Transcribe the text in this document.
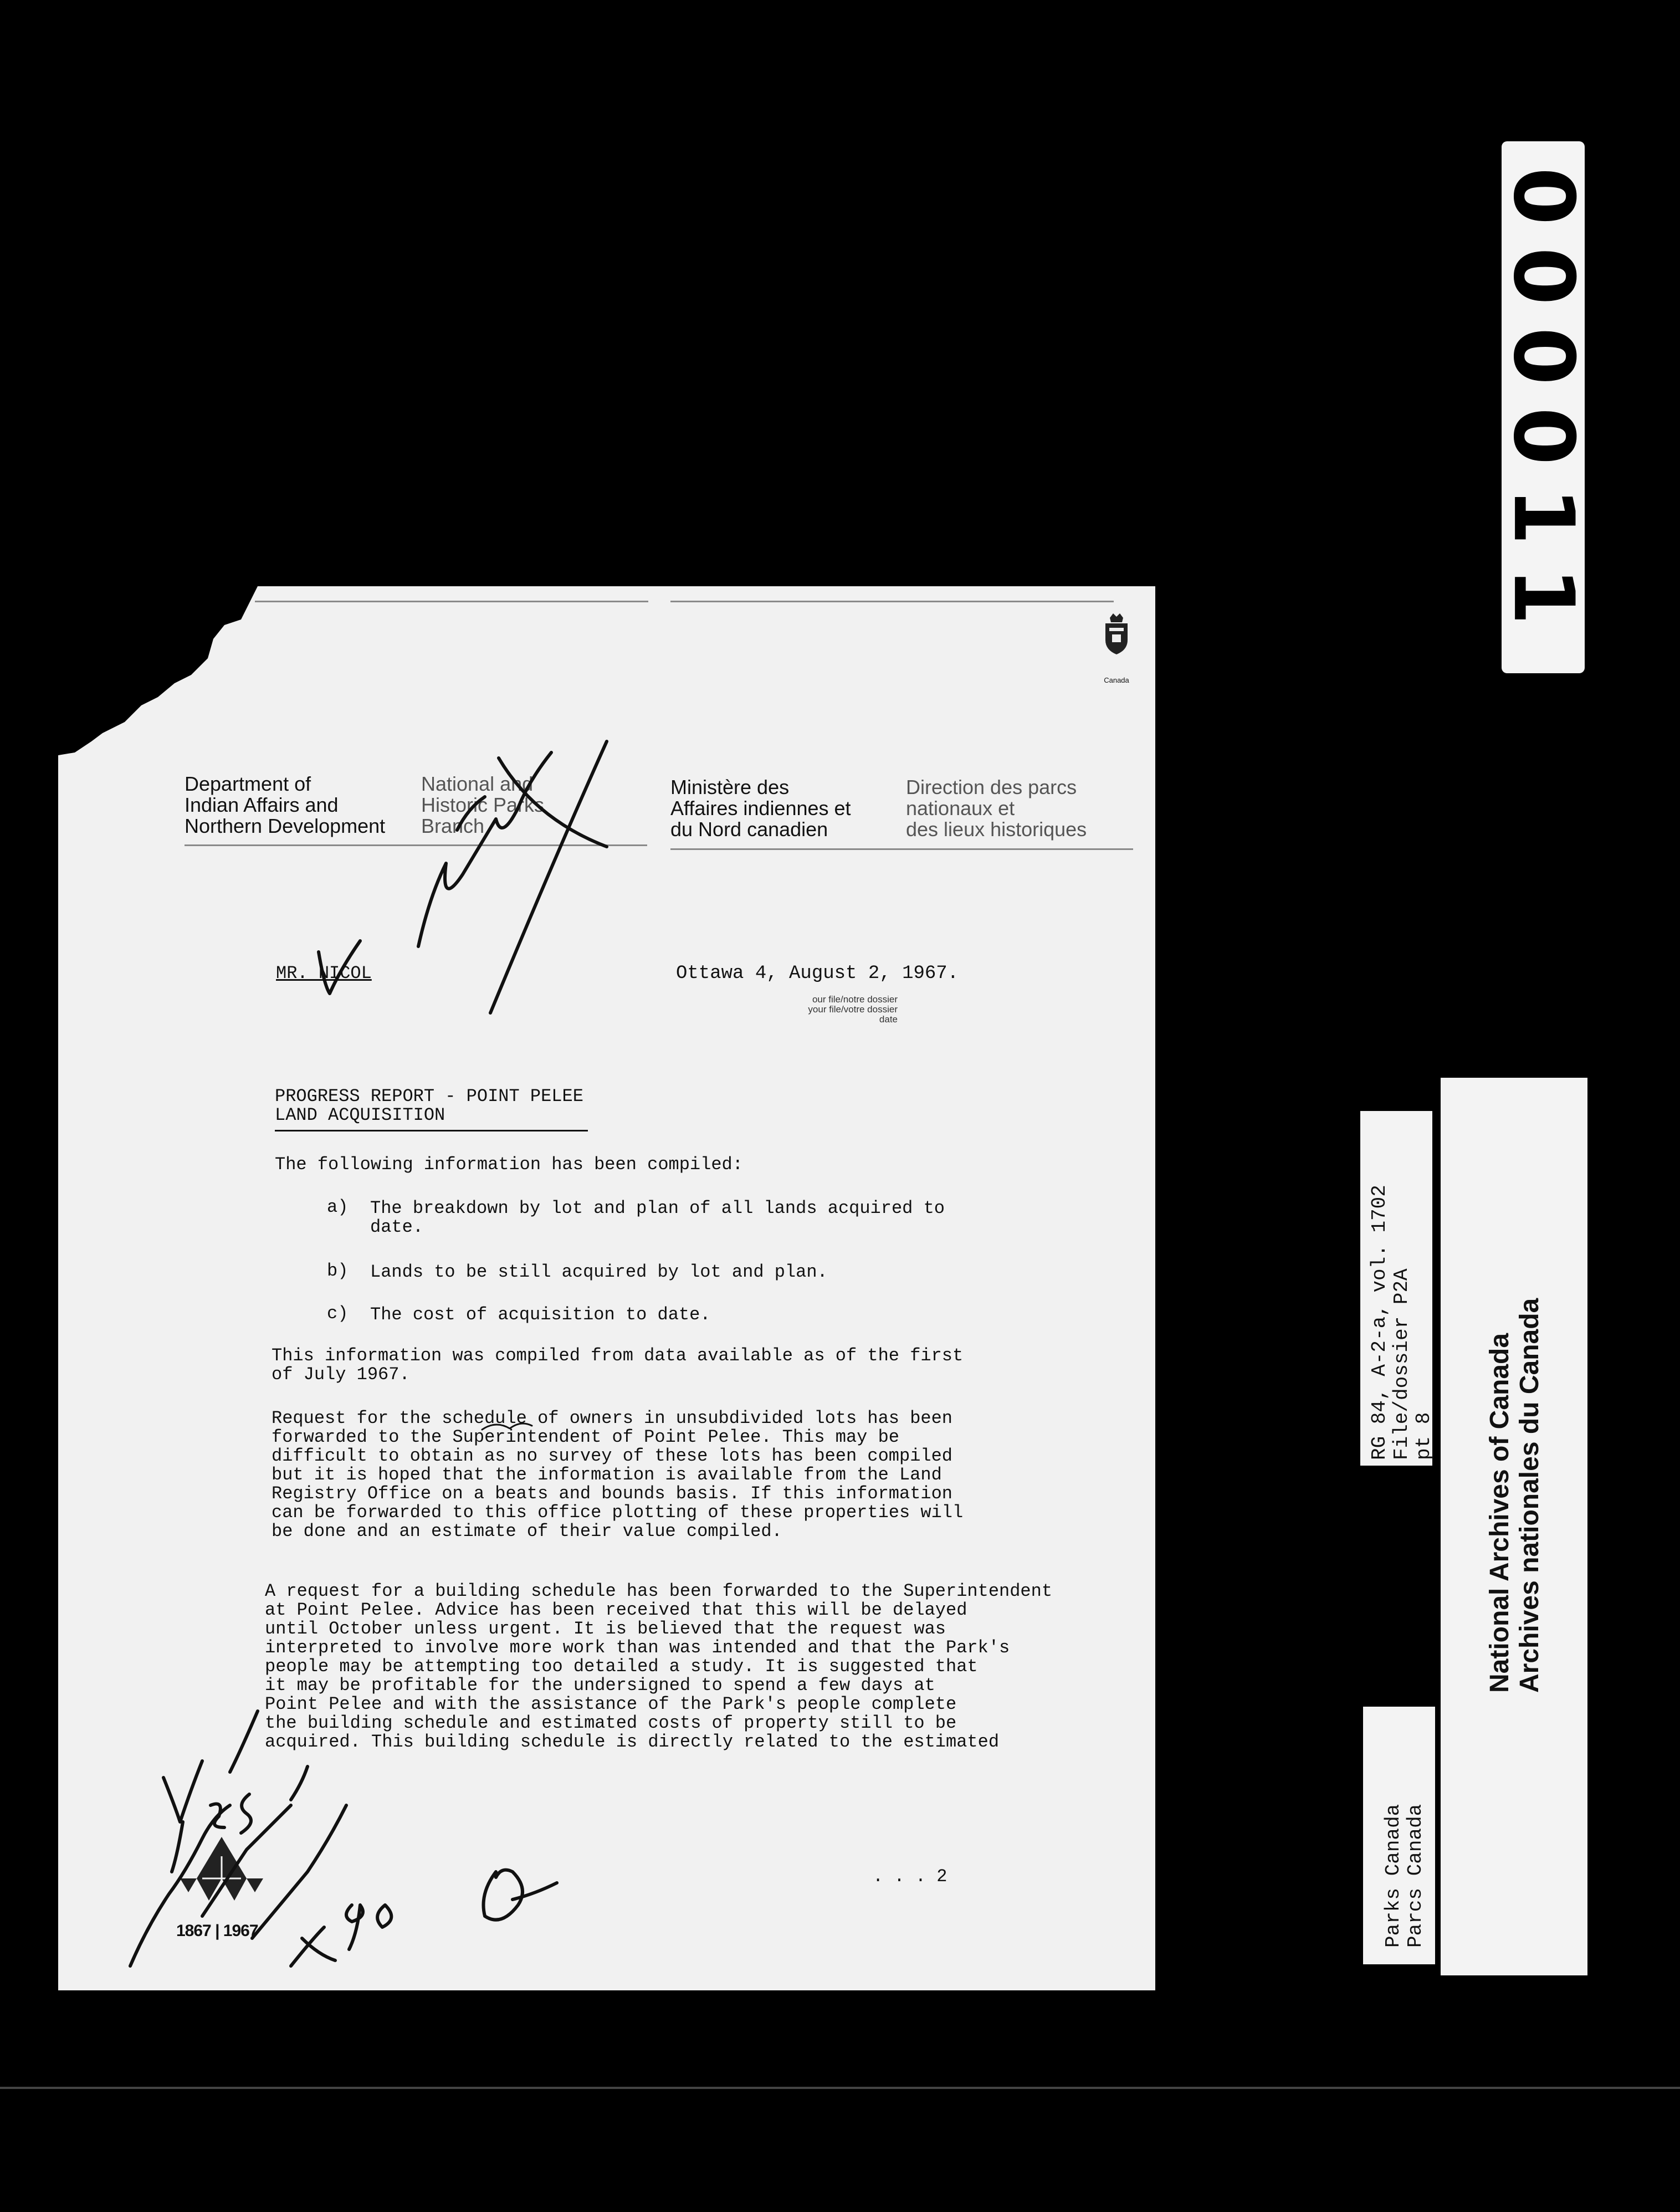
000011
Canada
Department of
Indian Affairs and
Northern Development
National and
Historic Parks
Branch
Ministère des
Affaires indiennes et
du Nord canadien
Direction des parcs
nationaux et
des lieux historiques
MR. NICOL	Ottawa 4, August 2, 1967.
our file/notre dossier
your file/votre dossier
date
PROGRESS REPORT - POINT PELEE
LAND ACQUISITION
The following information has been compiled:
a) The breakdown by lot and plan of all lands acquired to
date.
b) Lands to be still acquired by lot and plan.
c) The cost of acquisition to date.
This information was compiled from data available as of the first
of July 1967.
Request for the schedule of owners in unsubdivided lots has been
forwarded to the Superintendent of Point Pelee. This may be
difficult to obtain as no survey of these lots has been compiled
but it is hoped that the information is available from the Land
Registry Office on a beats and bounds basis. If this information
can be forwarded to this office plotting of these properties will
be done and an estimate of their value compiled.
A request for a building schedule has been forwarded to the Superintendent
at Point Pelee. Advice has been received that this will be delayed
until October unless urgent. It is believed that the request was
interpreted to involve more work than was intended and that the Park's
people may be attempting too detailed a study. It is suggested that
it may be profitable for the undersigned to spend a few days at
Point Pelee and with the assistance of the Park's people complete
the building schedule and estimated costs of property still to be
acquired. This building schedule is directly related to the estimated
. . . 2
1867 | 1967
RG 84, A-2-a, vol. 1702
File/dossier P2A
pt 8
Parks Canada
Parcs Canada
National Archives of Canada
Archives nationales du Canada
